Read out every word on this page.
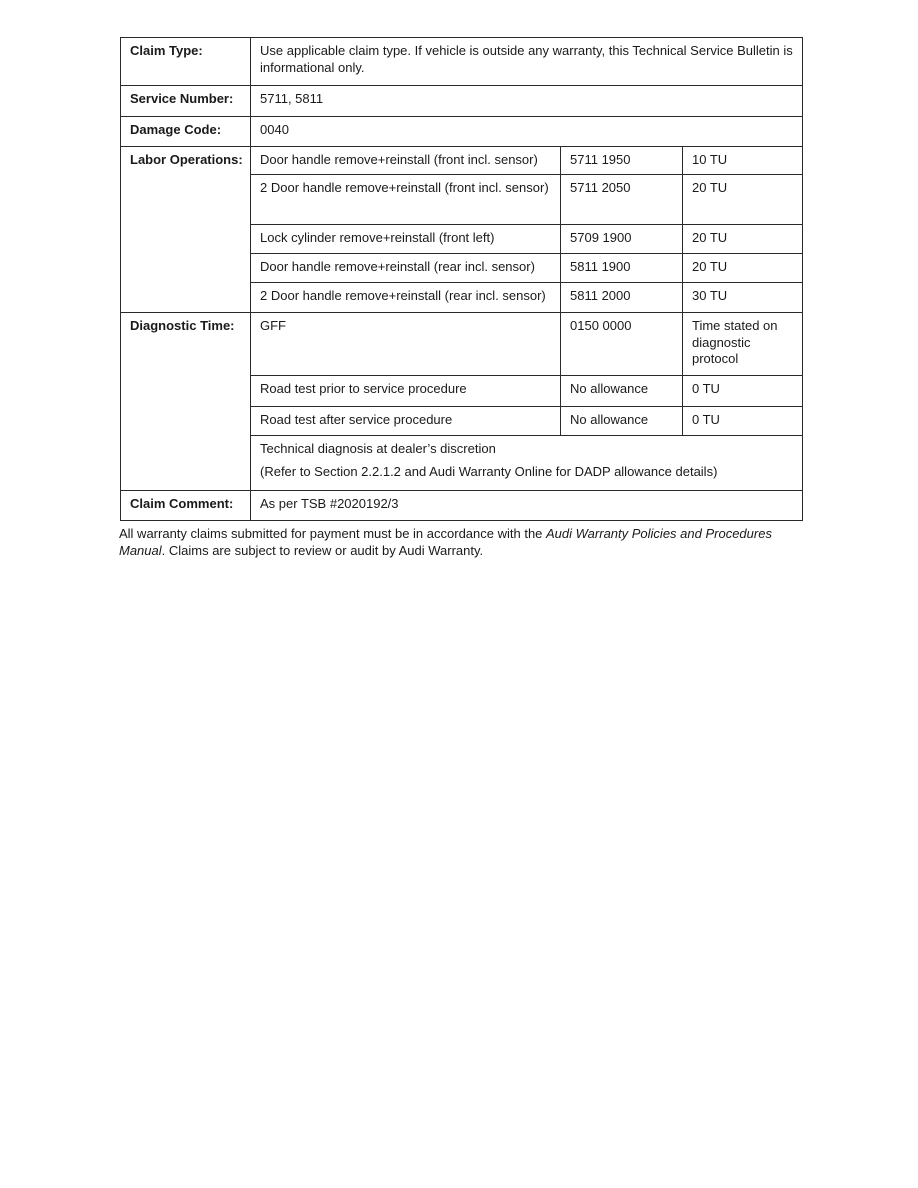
Claim Type:	Use applicable claim type. If vehicle is outside any warranty, this Technical Service Bulletin is informational only.		
Service Number:	5711, 5811		
Damage Code:	0040		
Labor Operations:	Door handle remove+reinstall (front incl. sensor)	5711 1950	10 TU
	2 Door handle remove+reinstall (front incl. sensor)	5711 2050	20 TU
	Lock cylinder remove+reinstall (front left)	5709 1900	20 TU
	Door handle remove+reinstall (rear incl. sensor)	5811 1900	20 TU
	2 Door handle remove+reinstall (rear incl. sensor)	5811 2000	30 TU
Diagnostic Time:	GFF	0150 0000	Time stated on diagnostic protocol
	Road test prior to service procedure	No allowance	0 TU
	Road test after service procedure	No allowance	0 TU

	Technical diagnosis at dealer’s discretion

(Refer to Section 2.2.1.2 and Audi Warranty Online for DADP allowance details)		

Claim Comment:	As per TSB #2020192/3		

All warranty claims submitted for payment must be in accordance with the Audi Warranty Policies and Procedures Manual. Claims are subject to review or audit by Audi Warranty.
